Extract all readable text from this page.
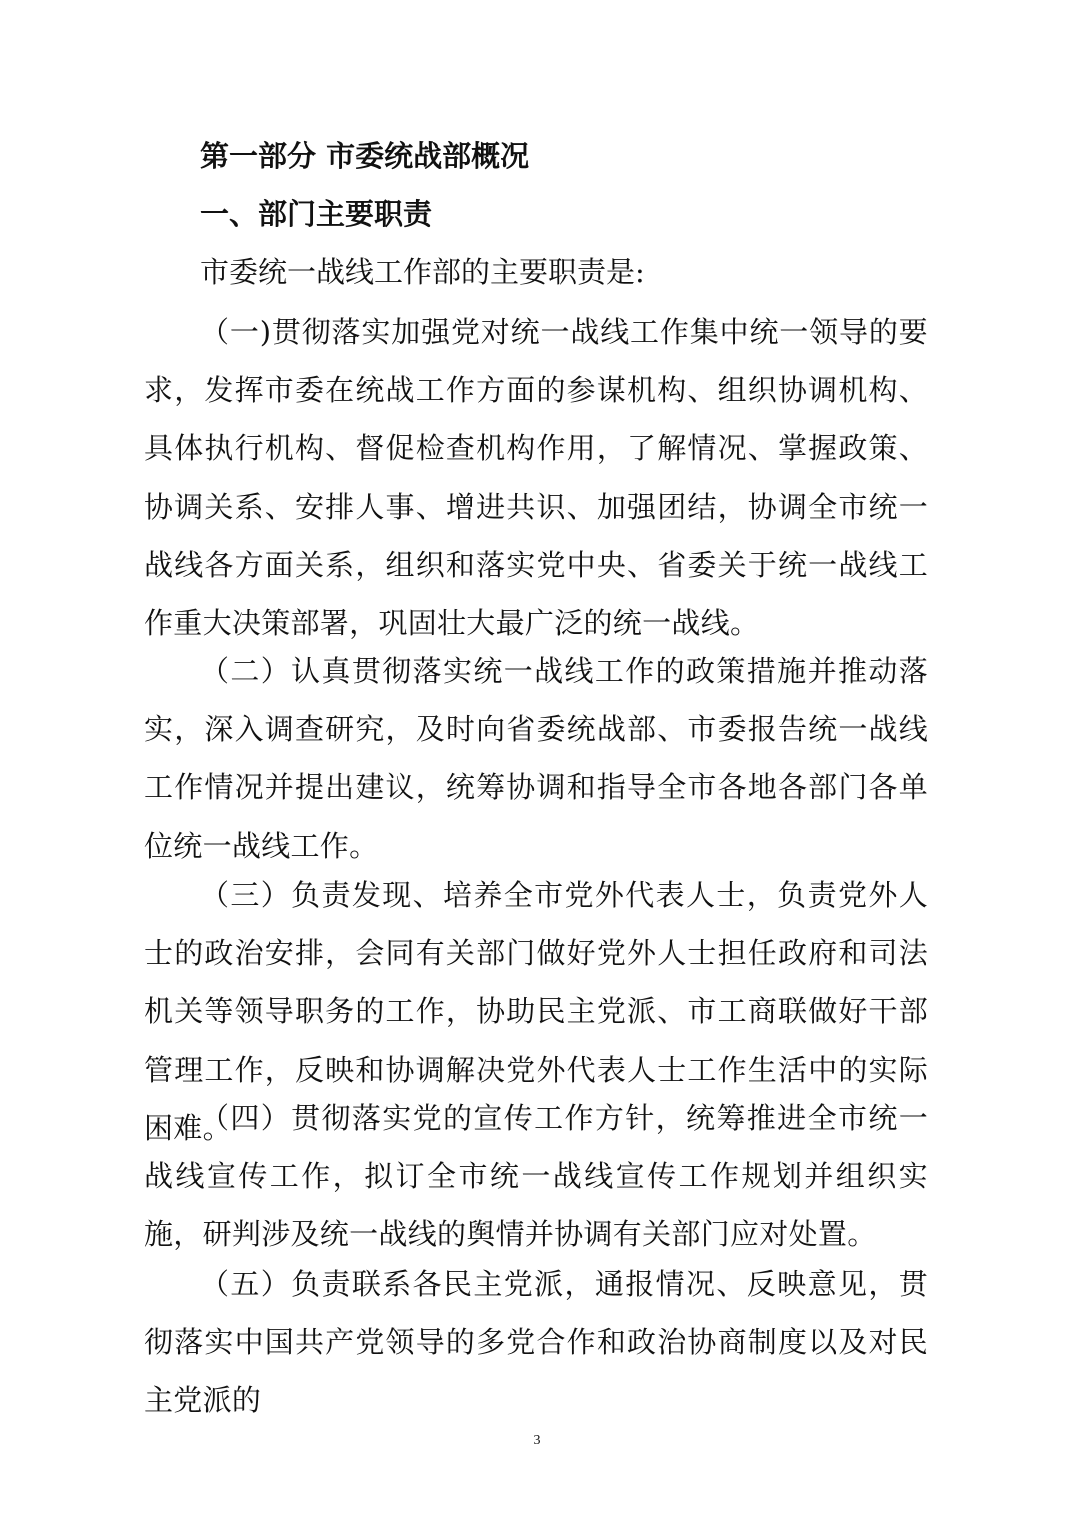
第一部分 市委统战部概况
一、部门主要职责

市委统一战线工作部的主要职责是:

（一)贯彻落实加强党对统一战线工作集中统一领导的要求，发挥市委在统战工作方面的参谋机构、组织协调机构、具体执行机构、督促检查机构作用，了解情况、掌握政策、协调关系、安排人事、增进共识、加强团结，协调全市统一战线各方面关系，组织和落实党中央、省委关于统一战线工作重大决策部署，巩固壮大最广泛的统一战线。

（二）认真贯彻落实统一战线工作的政策措施并推动落实，深入调查研究，及时向省委统战部、市委报告统一战线工作情况并提出建议，统筹协调和指导全市各地各部门各单位统一战线工作。

（三）负责发现、培养全市党外代表人士，负责党外人士的政治安排，会同有关部门做好党外人士担任政府和司法机关等领导职务的工作，协助民主党派、市工商联做好干部管理工作，反映和协调解决党外代表人士工作生活中的实际困难。

（四）贯彻落实党的宣传工作方针，统筹推进全市统一战线宣传工作，拟订全市统一战线宣传工作规划并组织实施，研判涉及统一战线的舆情并协调有关部门应对处置。

（五）负责联系各民主党派，通报情况、反映意见，贯彻落实中国共产党领导的多党合作和政治协商制度以及对民主党派的

3
